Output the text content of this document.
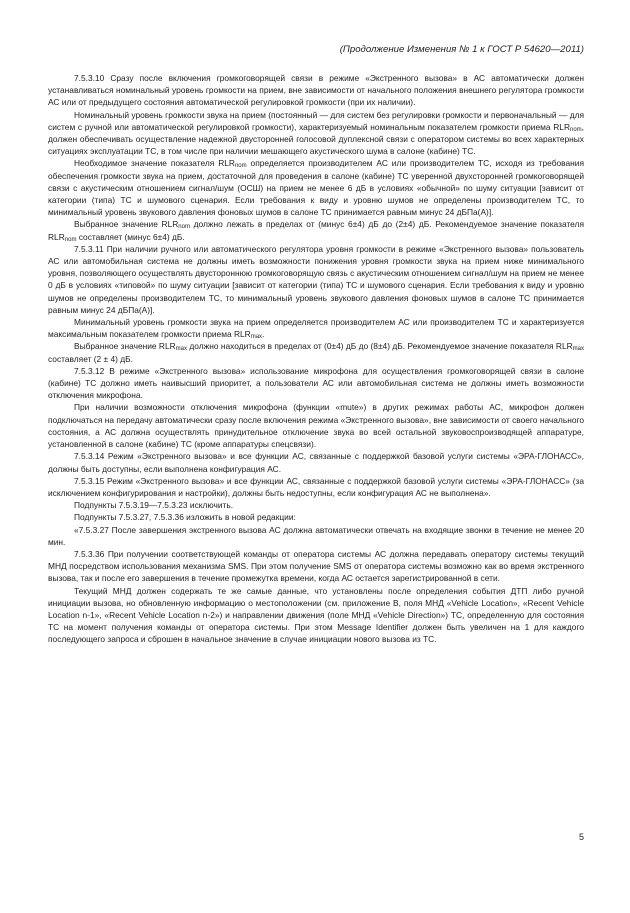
(Продолжение Изменения № 1 к ГОСТ Р 54620—2011)

7.5.3.10 Сразу после включения громкоговорящей связи в режиме «Экстренного вызова» в АС автоматически должен устанавливаться номинальный уровень громкости на прием, вне зависимости от начального положения внешнего регулятора громкости АС или от предыдущего состояния автоматической регулировкой громкости (при их наличии).

Номинальный уровень громкости звука на прием (постоянный — для систем без регулировки громкости и первоначальный — для систем с ручной или автоматической регулировкой громкости), характеризуемый номинальным показателем громкости приема $RLR_{nom}$, должен обеспечивать осуществление надежной двусторонней голосовой дуплексной связи с оператором системы во всех характерных ситуациях эксплуатации ТС, в том числе при наличии мешающего акустического шума в салоне (кабине) ТС.

Необходимое значение показателя $RLR_{nom}$ определяется производителем АС или производителем ТС, исходя из требования обеспечения громкости звука на прием, достаточной для проведения в салоне (кабине) ТС уверенной двухсторонней громкоговорящей связи с акустическим отношением сигнал/шум (ОСШ) на прием не менее 6 дБ в условиях «обычной» по шуму ситуации [зависит от категории (типа) ТС и шумового сценария. Если требования к виду и уровню шумов не определены производителем ТС, то минимальный уровень звукового давления фоновых шумов в салоне ТС принимается равным минус 24 дБПа(А)].

Выбранное значение $RLR_{nom}$ должно лежать в пределах от (минус 6±4) дБ до (2±4) дБ. Рекомендуемое значение показателя $RLR_{nom}$ составляет (минус 6±4) дБ.

7.5.3.11 При наличии ручного или автоматического регулятора уровня громкости в режиме «Экстренного вызова» пользователь АС или автомобильная система не должны иметь возможности понижения уровня громкости звука на прием ниже минимального уровня, позволяющего осуществлять двустороннюю громкоговорящую связь с акустическим отношением сигнал/шум на прием не менее 0 дБ в условиях «типовой» по шуму ситуации [зависит от категории (типа) ТС и шумового сценария. Если требования к виду и уровню шумов не определены производителем ТС, то минимальный уровень звукового давления фоновых шумов в салоне ТС принимается равным минус 24 дБПа(А)].

Минимальный уровень громкости звука на прием определяется производителем АС или производителем ТС и характеризуется максимальным показателем громкости приема $RLR_{max}$.

Выбранное значение $RLR_{max}$ должно находиться в пределах от (0±4) дБ до (8±4) дБ. Рекомендуемое значение показателя $RLR_{max}$ составляет (2 ± 4) дБ.

7.5.3.12 В режиме «Экстренного вызова» использование микрофона для осуществления громкоговорящей связи в салоне (кабине) ТС должно иметь наивысший приоритет, а пользователи АС или автомобильная система не должны иметь возможности отключения микрофона.

При наличии возможности отключения микрофона (функции «mute») в других режимах работы АС, микрофон должен подключаться на передачу автоматически сразу после включения режима «Экстренного вызова», вне зависимости от своего начального состояния, а АС должна осуществлять принудительное отключение звука во всей остальной звуковоспроизводящей аппаратуре, установленной в салоне (кабине) ТС (кроме аппаратуры спецсвязи).

7.5.3.14 Режим «Экстренного вызова» и все функции АС, связанные с поддержкой базовой услуги системы «ЭРА-ГЛОНАСС», должны быть доступны, если выполнена конфигурация АС.

7.5.3.15 Режим «Экстренного вызова» и все функции АС, связанные с поддержкой базовой услуги системы «ЭРА-ГЛОНАСС» (за исключением конфигурирования и настройки), должны быть недоступны, если конфигурация АС не выполнена».

Подпункты 7.5.3.19—7.5.3.23 исключить.

Подпункты 7.5.3.27, 7.5.3.36 изложить в новой редакции:

«7.5.3.27 После завершения экстренного вызова АС должна автоматически отвечать на входящие звонки в течение не менее 20 мин.

7.5.3.36 При получении соответствующей команды от оператора системы АС должна передавать оператору системы текущий МНД посредством использования механизма SMS. При этом получение SMS от оператора системы возможно как во время экстренного вызова, так и после его завершения в течение промежутка времени, когда АС остается зарегистрированной в сети.

Текущий МНД должен содержать те же самые данные, что установлены после определения события ДТП либо ручной инициации вызова, но обновленную информацию о местоположении (см. приложение В, поля МНД «Vehicle Location», «Recent Vehicle Location n-1», «Recent Vehicle Location n-2») и направлении движения (поле МНД «Vehicle Direction») ТС, определенную для состояния ТС на момент получения команды от оператора системы. При этом Message Identifier должен быть увеличен на 1 для каждого последующего запроса и сброшен в начальное значение в случае инициации нового вызова из ТС.

5
